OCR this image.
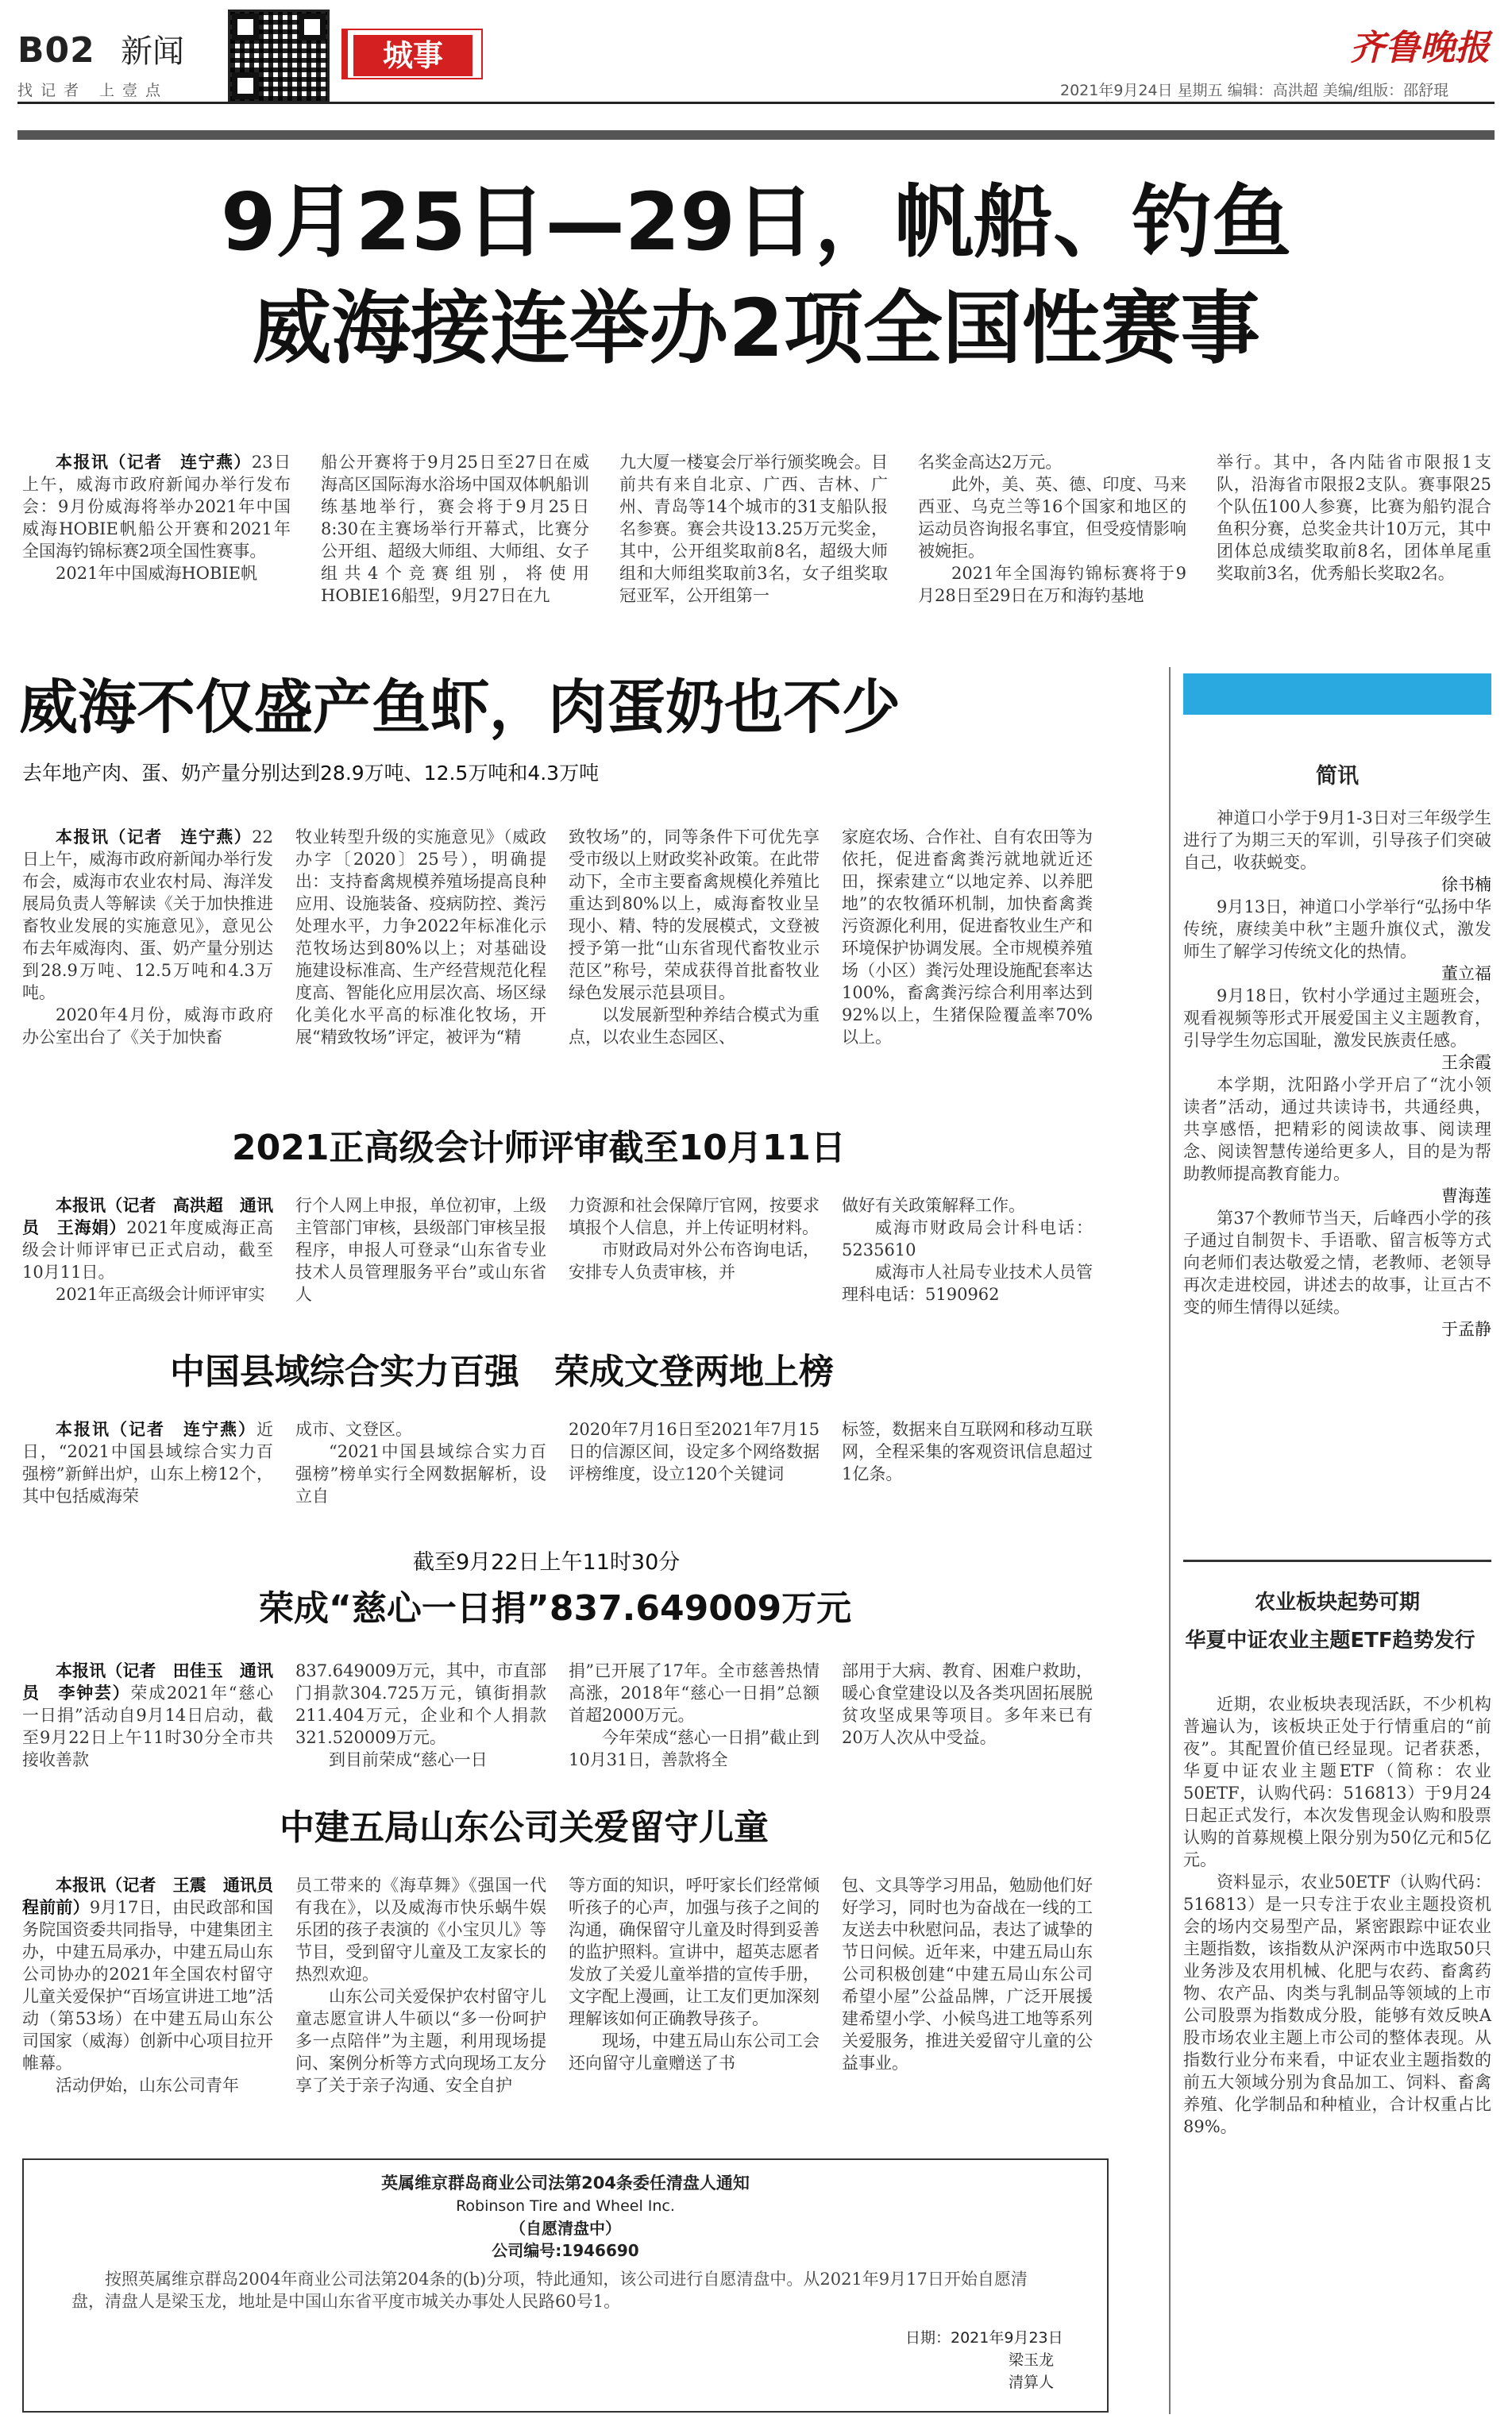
B02 新闻
找记者 上壹点
城事	齐鲁晚报
2021年9月24日 星期五 编辑：高洪超 美编/组版：邵舒琨
9月25日—29日，帆船、钓鱼
威海接连举办2项全国性赛事

本报讯（记者　连宁燕）23日上午，威海市政府新闻办举行发布会：9月份威海将举办2021年中国威海HOBIE帆船公开赛和2021年全国海钓锦标赛2项全国性赛事。

2021年中国威海HOBIE帆

船公开赛将于9月25日至27日在威海高区国际海水浴场中国双体帆船训练基地举行，赛会将于9月25日8:30在主赛场举行开幕式，比赛分公开组、超级大师组、大师组、女子组共4个竞赛组别，将使用HOBIE16船型，9月27日在九
九大厦一楼宴会厅举行颁奖晚会。目前共有来自北京、广西、吉林、广州、青岛等14个城市的31支船队报名参赛。赛会共设13.25万元奖金，其中，公开组奖取前8名，超级大师组和大师组奖取前3名，女子组奖取冠亚军，公开组第一
名奖金高达2万元。

此外，美、英、德、印度、马来西亚、乌克兰等16个国家和地区的运动员咨询报名事宜，但受疫情影响被婉拒。

2021年全国海钓锦标赛将于9月28日至29日在万和海钓基地

举行。其中，各内陆省市限报1支队，沿海省市限报2支队。赛事限25个队伍100人参赛，比赛为船钓混合鱼积分赛，总奖金共计10万元，其中团体总成绩奖取前8名，团体单尾重奖取前3名，优秀船长奖取2名。
威海不仅盛产鱼虾，肉蛋奶也不少
去年地产肉、蛋、奶产量分别达到28.9万吨、12.5万吨和4.3万吨

本报讯（记者　连宁燕）22日上午，威海市政府新闻办举行发布会，威海市农业农村局、海洋发展局负责人等解读《关于加快推进畜牧业发展的实施意见》，意见公布去年威海肉、蛋、奶产量分别达到28.9万吨、12.5万吨和4.3万吨。

2020年4月份，威海市政府办公室出台了《关于加快畜

牧业转型升级的实施意见》（威政办字〔2020〕25号），明确提出：支持畜禽规模养殖场提高良种应用、设施装备、疫病防控、粪污处理水平，力争2022年标准化示范牧场达到80%以上；对基础设施建设标准高、生产经营规范化程度高、智能化应用层次高、场区绿化美化水平高的标准化牧场，开展“精致牧场”评定，被评为“精
致牧场”的，同等条件下可优先享受市级以上财政奖补政策。在此带动下，全市主要畜禽规模化养殖比重达到80%以上，威海畜牧业呈现小、精、特的发展模式，文登被授予第一批“山东省现代畜牧业示范区”称号，荣成获得首批畜牧业绿色发展示范县项目。

以发展新型种养结合模式为重点，以农业生态园区、

家庭农场、合作社、自有农田等为依托，促进畜禽粪污就地就近还田，探索建立“以地定养、以养肥地”的农牧循环机制，加快畜禽粪污资源化利用，促进畜牧业生产和环境保护协调发展。全市规模养殖场（小区）粪污处理设施配套率达100%，畜禽粪污综合利用率达到92%以上，生猪保险覆盖率70%以上。
2021正高级会计师评审截至10月11日

本报讯（记者　高洪超　通讯员　王海娟）2021年度威海正高级会计师评审已正式启动，截至10月11日。

2021年正高级会计师评审实

行个人网上申报，单位初审，上级主管部门审核，县级部门审核呈报程序，申报人可登录“山东省专业技术人员管理服务平台”或山东省人
力资源和社会保障厅官网，按要求填报个人信息，并上传证明材料。

市财政局对外公布咨询电话，安排专人负责审核，并

做好有关政策解释工作。

威海市财政局会计科电话：5235610

威海市人社局专业技术人员管理科电话：5190962

中国县域综合实力百强　荣成文登两地上榜

本报讯（记者　连宁燕）近日，“2021中国县域综合实力百强榜”新鲜出炉，山东上榜12个，其中包括威海荣

成市、文登区。

“2021中国县域综合实力百强榜”榜单实行全网数据解析，设立自

2020年7月16日至2021年7月15日的信源区间，设定多个网络数据评榜维度，设立120个关键词
标签，数据来自互联网和移动互联网，全程采集的客观资讯信息超过1亿条。
截至9月22日上午11时30分
荣成“慈心一日捐”837.649009万元

本报讯（记者　田佳玉　通讯员　李钟芸）荣成2021年“慈心一日捐”活动自9月14日启动，截至9月22日上午11时30分全市共接收善款

837.649009万元，其中，市直部门捐款304.725万元，镇街捐款211.404万元，企业和个人捐款321.520009万元。

到目前荣成“慈心一日

捐”已开展了17年。全市慈善热情高涨，2018年“慈心一日捐”总额首超2000万元。

今年荣成“慈心一日捐”截止到10月31日，善款将全

部用于大病、教育、困难户救助，暖心食堂建设以及各类巩固拓展脱贫攻坚成果等项目。多年来已有20万人次从中受益。
中建五局山东公司关爱留守儿童

本报讯（记者　王震　通讯员　程前前）9月17日，由民政部和国务院国资委共同指导，中建集团主办，中建五局承办，中建五局山东公司协办的2021年全国农村留守儿童关爱保护“百场宣讲进工地”活动（第53场）在中建五局山东公司国家（威海）创新中心项目拉开帷幕。

活动伊始，山东公司青年

员工带来的《海草舞》《强国一代有我在》，以及威海市快乐蜗牛娱乐团的孩子表演的《小宝贝儿》等节目，受到留守儿童及工友家长的热烈欢迎。

山东公司关爱保护农村留守儿童志愿宣讲人牛硕以“多一份呵护　多一点陪伴”为主题，利用现场提问、案例分析等方式向现场工友分享了关于亲子沟通、安全自护

等方面的知识，呼吁家长们经常倾听孩子的心声，加强与孩子之间的沟通，确保留守儿童及时得到妥善的监护照料。宣讲中，超英志愿者发放了关爱儿童举措的宣传手册，文字配上漫画，让工友们更加深刻理解该如何正确教导孩子。

现场，中建五局山东公司工会还向留守儿童赠送了书

包、文具等学习用品，勉励他们好好学习，同时也为奋战在一线的工友送去中秋慰问品，表达了诚挚的节日问候。近年来，中建五局山东公司积极创建“中建五局山东公司希望小屋”公益品牌，广泛开展援建希望小学、小候鸟进工地等系列关爱服务，推进关爱留守儿童的公益事业。
简讯

神道口小学于9月1-3日对三年级学生进行了为期三天的军训，引导孩子们突破自己，收获蜕变。

徐书楠

9月13日，神道口小学举行“弘扬中华传统，赓续美中秋”主题升旗仪式，激发师生了解学习传统文化的热情。

董立福

9月18日，钦村小学通过主题班会，观看视频等形式开展爱国主义主题教育，引导学生勿忘国耻，激发民族责任感。

王余霞

本学期，沈阳路小学开启了“沈小领读者”活动，通过共读诗书，共通经典，共享感悟，把精彩的阅读故事、阅读理念、阅读智慧传递给更多人，目的是为帮助教师提高教育能力。

曹海莲

第37个教师节当天，后峰西小学的孩子通过自制贺卡、手语歌、留言板等方式向老师们表达敬爱之情，老教师、老领导再次走进校园，讲述去的故事，让亘古不变的师生情得以延续。

于孟静
农业板块起势可期
华夏中证农业主题ETF趋势发行

近期，农业板块表现活跃，不少机构普遍认为，该板块正处于行情重启的“前夜”。其配置价值已经显现。记者获悉，华夏中证农业主题ETF（简称：农业50ETF，认购代码：516813）于9月24日起正式发行，本次发售现金认购和股票认购的首募规模上限分别为50亿元和5亿元。

资料显示，农业50ETF（认购代码：516813）是一只专注于农业主题投资机会的场内交易型产品，紧密跟踪中证农业主题指数，该指数从沪深两市中选取50只业务涉及农用机械、化肥与农药、畜禽药物、农产品、肉类与乳制品等领域的上市公司股票为指数成分股，能够有效反映A股市场农业主题上市公司的整体表现。从指数行业分布来看，中证农业主题指数的前五大领域分别为食品加工、饲料、畜禽养殖、化学制品和种植业，合计权重占比89%。

英属维京群岛商业公司法第204条委任清盘人通知
Robinson Tire and Wheel Inc.
（自愿清盘中）
公司编号:1946690
按照英属维京群岛2004年商业公司法第204条的(b)分项，特此通知，该公司进行自愿清盘中。从2021年9月17日开始自愿清盘，清盘人是梁玉龙，地址是中国山东省平度市城关办事处人民路60号1。
日期：2021年9月23日
梁玉龙
清算人
